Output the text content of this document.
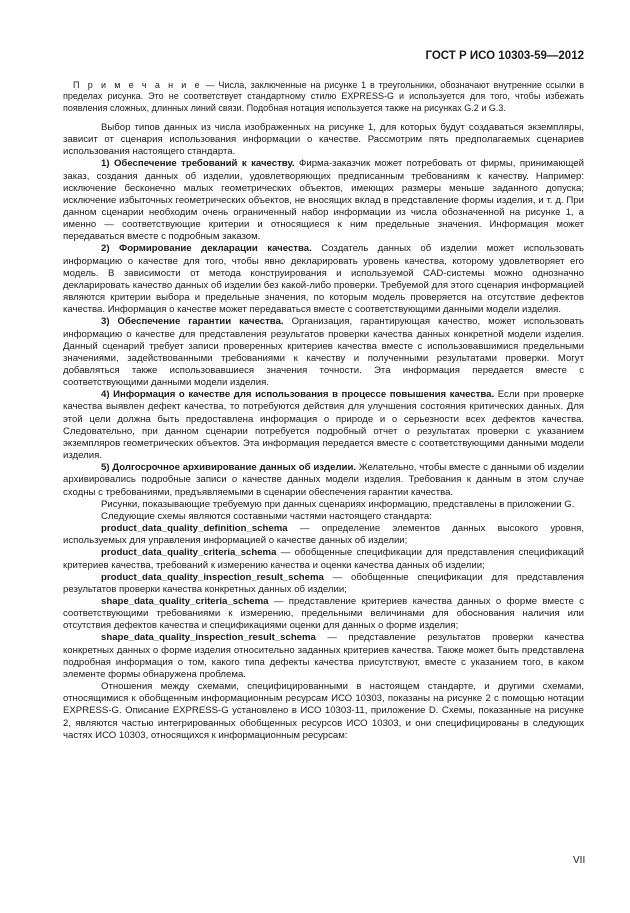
ГОСТ Р ИСО 10303-59—2012
П р и м е ч а н и е — Числа, заключенные на рисунке 1 в треугольники, обозначают внутренние ссылки в пределах рисунка. Это не соответствует стандартному стилю EXPRESS-G и используется для того, чтобы избежать появления сложных, длинных линий связи. Подобная нотация используется также на рисунках G.2 и G.3.

Выбор типов данных из числа изображенных на рисунке 1, для которых будут создаваться экземпляры, зависит от сценария использования информации о качестве. Рассмотрим пять предполагаемых сценариев использования настоящего стандарта.

1) Обеспечение требований к качеству. Фирма-заказчик может потребовать от фирмы, принимающей заказ, создания данных об изделии, удовлетворяющих предписанным требованиям к качеству. Например: исключение бесконечно малых геометрических объектов, имеющих размеры меньше заданного допуска; исключение избыточных геометрических объектов, не вносящих вклад в представление формы изделия, и т. д. При данном сценарии необходим очень ограниченный набор информации из числа обозначенной на рисунке 1, а именно — соответствующие критерии и относящиеся к ним предельные значения. Информация может передаваться вместе с подробным заказом.

2) Формирование декларации качества. Создатель данных об изделии может использовать информацию о качестве для того, чтобы явно декларировать уровень качества, которому удовлетворяет его модель. В зависимости от метода конструирования и используемой CAD-системы можно однозначно декларировать качество данных об изделии без какой-либо проверки. Требуемой для этого сценария информацией являются критерии выбора и предельные значения, по которым модель проверяется на отсутствие дефектов качества. Информация о качестве может передаваться вместе с соответствующими данными модели изделия.

3) Обеспечение гарантии качества. Организация, гарантирующая качество, может использовать информацию о качестве для представления результатов проверки качества данных конкретной модели изделия. Данный сценарий требует записи проверенных критериев качества вместе с использовавшимися предельными значениями, задействованными требованиями к качеству и полученными результатами проверки. Могут добавляться также использовавшиеся значения точности. Эта информация передается вместе с соответствующими данными модели изделия.

4) Информация о качестве для использования в процессе повышения качества. Если при проверке качества выявлен дефект качества, то потребуются действия для улучшения состояния критических данных. Для этой цели должна быть предоставлена информация о природе и о серьезности всех дефектов качества. Следовательно, при данном сценарии потребуется подробный отчет о результатах проверки с указанием экземпляров геометрических объектов. Эта информация передается вместе с соответствующими данными модели изделия.

5) Долгосрочное архивирование данных об изделии. Желательно, чтобы вместе с данными об изделии архивировались подробные записи о качестве данных модели изделия. Требования к данным в этом случае сходны с требованиями, предъявляемыми в сценарии обеспечения гарантии качества.

Рисунки, показывающие требуемую при данных сценариях информацию, представлены в приложении G.

Следующие схемы являются составными частями настоящего стандарта:

product_data_quality_definition_schema — определение элементов данных высокого уровня, используемых для управления информацией о качестве данных об изделии;

product_data_quality_criteria_schema — обобщенные спецификации для представления спецификаций критериев качества, требований к измерению качества и оценки качества данных об изделии;

product_data_quality_inspection_result_schema — обобщенные спецификации для представления результатов проверки качества конкретных данных об изделии;

shape_data_quality_criteria_schema — представление критериев качества данных о форме вместе с соответствующими требованиями к измерению, предельными величинами для обоснования наличия или отсутствия дефектов качества и спецификациями оценки для данных о форме изделия;

shape_data_quality_inspection_result_schema — представление результатов проверки качества конкретных данных о форме изделия относительно заданных критериев качества. Также может быть представлена подробная информация о том, какого типа дефекты качества присутствуют, вместе с указанием того, в каком элементе формы обнаружена проблема.

Отношения между схемами, специфицированными в настоящем стандарте, и другими схемами, относящимися к обобщенным информационным ресурсам ИСО 10303, показаны на рисунке 2 с помощью нотации EXPRESS-G. Описание EXPRESS-G установлено в ИСО 10303-11, приложение D. Схемы, показанные на рисунке 2, являются частью интегрированных обобщенных ресурсов ИСО 10303, и они специфицированы в следующих частях ИСО 10303, относящихся к информационным ресурсам:

VII
